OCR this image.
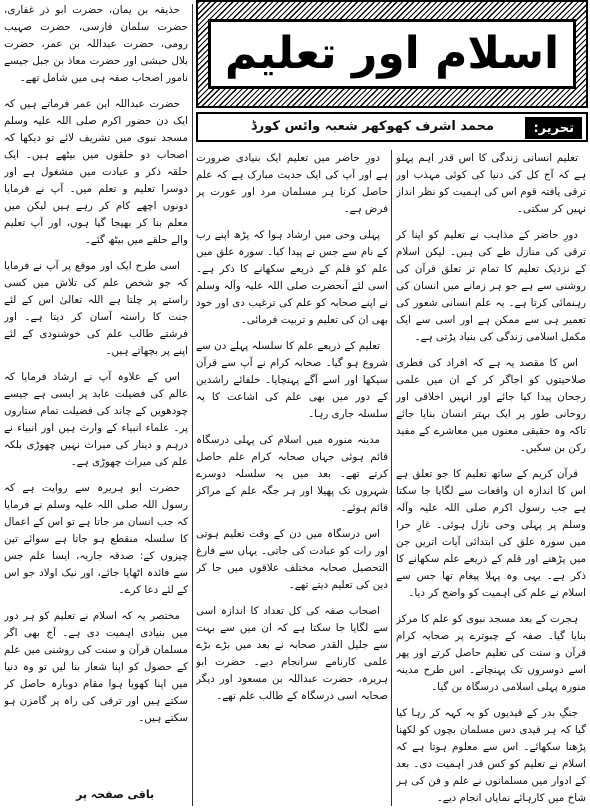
اسلام اور تعلیم
تحریر:
محمد اشرف کھوکھر شعبہ وائس کورڈ

تعلیم انسانی زندگی کا اس قدر اہم پہلو ہے کہ آج کل کی دنیا کی کوئی مہذب اور ترقی یافتہ قوم اس کی اہمیت کو نظر انداز نہیں کر سکتی۔

دورِ حاضر کے مذاہب نے تعلیم کو اپنا کر ترقی کی منازل طے کی ہیں۔ لیکن اسلام کے نزدیک تعلیم کا تمام تر تعلق قرآن کی روشنی سے ہے جو ہر زمانے میں انسان کی رہنمائی کرتا ہے۔ یہ علم انسانی شعور کی تعمیر ہی سے ممکن ہے اور اسی سے ایک مکمل اسلامی زندگی کی بنیاد پڑتی ہے۔

اس کا مقصد یہ ہے کہ افراد کی فطری صلاحیتوں کو اجاگر کر کے ان میں علمی رجحان پیدا کیا جائے اور انہیں اخلاقی اور روحانی طور پر ایک بہتر انسان بنایا جائے تاکہ وہ حقیقی معنوں میں معاشرے کے مفید رکن بن سکیں۔

قرآن کریم کے ساتھ تعلیم کا جو تعلق ہے اس کا اندازہ ان واقعات سے لگایا جا سکتا ہے جب رسول اکرم صلی اللہ علیہ وآلہ وسلم پر پہلی وحی نازل ہوئی۔ غارِ حرا میں سورہ علق کی ابتدائی آیات اتریں جن میں پڑھنے اور قلم کے ذریعے علم سکھانے کا ذکر ہے۔ یہی وہ پہلا پیغام تھا جس سے اسلام نے علم کی اہمیت کو واضح کر دیا۔

ہجرت کے بعد مسجد نبوی کو علم کا مرکز بنایا گیا۔ صفہ کے چبوترے پر صحابہ کرام قرآن و سنت کی تعلیم حاصل کرتے اور پھر اسے دوسروں تک پہنچاتے۔ اس طرح مدینہ منورہ پہلی اسلامی درسگاہ بن گیا۔

جنگِ بدر کے قیدیوں کو یہ کہہ کر رہا کیا گیا کہ ہر قیدی دس مسلمان بچوں کو لکھنا پڑھنا سکھائے۔ اس سے معلوم ہوتا ہے کہ اسلام نے تعلیم کو کس قدر اہمیت دی۔ بعد کے ادوار میں مسلمانوں نے علم و فن کی ہر شاخ میں کارہائے نمایاں انجام دیے۔

دورِ حاضر میں تعلیم ایک بنیادی ضرورت ہے اور آپ کی ایک حدیث مبارک ہے کہ علم حاصل کرنا ہر مسلمان مرد اور عورت پر فرض ہے۔

پہلی وحی میں ارشاد ہوا کہ پڑھ اپنے رب کے نام سے جس نے پیدا کیا۔ سورہ علق میں علم کو قلم کے ذریعے سکھانے کا ذکر ہے۔ اسی لئے آنحضرت صلی اللہ علیہ وآلہ وسلم نے اپنے صحابہ کو علم کی ترغیب دی اور خود بھی ان کی تعلیم و تربیت فرمائی۔

تعلیم کے ذریعے علم کا سلسلہ پہلے دن سے شروع ہو گیا۔ صحابہ کرام نے آپ سے قرآن سیکھا اور اسے آگے پہنچایا۔ خلفائے راشدین کے دور میں بھی علم کی اشاعت کا یہ سلسلہ جاری رہا۔

مدینہ منورہ میں اسلام کی پہلی درسگاہ قائم ہوئی جہاں صحابہ کرام علم حاصل کرتے تھے۔ بعد میں یہ سلسلہ دوسرے شہروں تک پھیلا اور ہر جگہ علم کے مراکز قائم ہوئے۔

اس درسگاہ میں دن کے وقت تعلیم ہوتی اور رات کو عبادت کی جاتی۔ یہاں سے فارغ التحصیل صحابہ مختلف علاقوں میں جا کر دین کی تعلیم دیتے تھے۔

اصحاب صفہ کی کل تعداد کا اندازہ اسی سے لگایا جا سکتا ہے کہ ان میں سے بہت سے جلیل القدر صحابہ نے بعد میں بڑے بڑے علمی کارنامے سرانجام دیے۔ حضرت ابو ہریرہ، حضرت عبداللہ بن مسعود اور دیگر صحابہ اسی درسگاہ کے طالب علم تھے۔

حذیفہ بن یمان، حضرت ابو ذر غفاری، حضرت سلمان فارسی، حضرت صہیب رومی، حضرت عبداللہ بن عمر، حضرت بلال حبشی اور حضرت معاذ بن جبل جیسے نامور اصحاب صفہ ہی میں شامل تھے۔

حضرت عبداللہ ابن عمر فرماتے ہیں کہ ایک دن حضور اکرم صلی اللہ علیہ وسلم مسجد نبوی میں تشریف لائے تو دیکھا کہ اصحاب دو حلقوں میں بیٹھے ہیں۔ ایک حلقہ ذکر و عبادت میں مشغول ہے اور دوسرا تعلیم و تعلم میں۔ آپ نے فرمایا دونوں اچھے کام کر رہے ہیں لیکن میں معلم بنا کر بھیجا گیا ہوں، اور آپ تعلیم والے حلقے میں بیٹھ گئے۔

اسی طرح ایک اور موقع پر آپ نے فرمایا کہ جو شخص علم کی تلاش میں کسی راستے پر چلتا ہے اللہ تعالیٰ اس کے لئے جنت کا راستہ آسان کر دیتا ہے۔ اور فرشتے طالب علم کی خوشنودی کے لئے اپنے پر بچھاتے ہیں۔

اس کے علاوہ آپ نے ارشاد فرمایا کہ عالم کی فضیلت عابد پر ایسی ہے جیسے چودھویں کے چاند کی فضیلت تمام ستاروں پر۔ علماء انبیاء کے وارث ہیں اور انبیاء نے درہم و دینار کی میراث نہیں چھوڑی بلکہ علم کی میراث چھوڑی ہے۔

حضرت ابو ہریرہ سے روایت ہے کہ رسول اللہ صلی اللہ علیہ وسلم نے فرمایا کہ جب انسان مر جاتا ہے تو اس کے اعمال کا سلسلہ منقطع ہو جاتا ہے سوائے تین چیزوں کے: صدقہ جاریہ، ایسا علم جس سے فائدہ اٹھایا جائے، اور نیک اولاد جو اس کے لئے دعا کرے۔

مختصر یہ کہ اسلام نے تعلیم کو ہر دور میں بنیادی اہمیت دی ہے۔ آج بھی اگر مسلمان قرآن و سنت کی روشنی میں علم کے حصول کو اپنا شعار بنا لیں تو وہ دنیا میں اپنا کھویا ہوا مقام دوبارہ حاصل کر سکتے ہیں اور ترقی کی راہ پر گامزن ہو سکتے ہیں۔

باقی صفحہ پر
